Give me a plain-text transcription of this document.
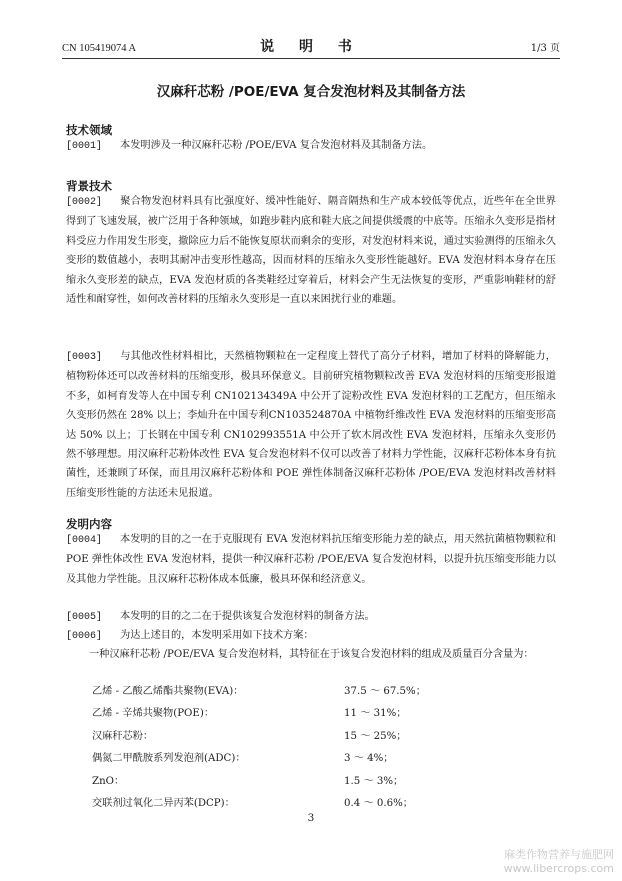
CN 105419074 A	说 明 书	1/3 页
汉麻秆芯粉 /POE/EVA 复合发泡材料及其制备方法
技术领域
[0001] 本发明涉及一种汉麻秆芯粉 /POE/EVA 复合发泡材料及其制备方法。
背景技术
[0002] 聚合物发泡材料具有比强度好、缓冲性能好、隔音隔热和生产成本较低等优点，近些年在全世界得到了飞速发展，被广泛用于各种领域，如跑步鞋内底和鞋大底之间提供缓震的中底等。压缩永久变形是指材料受应力作用发生形变，撤除应力后不能恢复原状而剩余的变形，对发泡材料来说，通过实验测得的压缩永久变形的数值越小，表明其耐冲击变形性越高，因而材料的压缩永久变形性能越好。EVA 发泡材料本身存在压缩永久变形差的缺点，EVA 发泡材质的各类鞋经过穿着后，材料会产生无法恢复的变形，严重影响鞋材的舒适性和耐穿性，如何改善材料的压缩永久变形是一直以来困扰行业的难题。
[0003] 与其他改性材料相比，天然植物颗粒在一定程度上替代了高分子材料，增加了材料的降解能力，植物粉体还可以改善材料的压缩变形，极具环保意义。目前研究植物颗粒改善 EVA 发泡材料的压缩变形报道不多，如柯育发等人在中国专利 CN102134349A 中公开了淀粉改性 EVA 发泡材料的工艺配方，但压缩永久变形仍然在 28% 以上；李灿升在中国专利CN103524870A 中植物纤维改性 EVA 发泡材料的压缩变形高达 50% 以上；丁长钢在中国专利 CN102993551A 中公开了软木屑改性 EVA 发泡材料，压缩永久变形仍然不够理想。用汉麻秆芯粉体改性 EVA 复合发泡材料不仅可以改善了材料力学性能，汉麻秆芯粉体本身有抗菌性，还兼顾了环保，而且用汉麻秆芯粉体和 POE 弹性体制备汉麻秆芯粉体 /POE/EVA 发泡材料改善材料压缩变形性能的方法还未见报道。
发明内容
[0004] 本发明的目的之一在于克服现有 EVA 发泡材料抗压缩变形能力差的缺点，用天然抗菌植物颗粒和 POE 弹性体改性 EVA 发泡材料，提供一种汉麻秆芯粉 /POE/EVA 复合发泡材料，以提升抗压缩变形能力以及其他力学性能。且汉麻秆芯粉体成本低廉，极具环保和经济意义。
[0005] 本发明的目的之二在于提供该复合发泡材料的制备方法。
[0006] 为达上述目的，本发明采用如下技术方案：
一种汉麻秆芯粉 /POE/EVA 复合发泡材料，其特征在于该复合发泡材料的组成及质量百分含量为：
乙烯 - 乙酸乙烯酯共聚物(EVA)：	37.5 ～ 67.5%；
乙烯 - 辛烯共聚物(POE)：	11 ～ 31%；
汉麻秆芯粉：	15 ～ 25%；
偶氮二甲酰胺系列发泡剂(ADC)：	3 ～ 4%；
ZnO：	1.5 ～ 3%；
交联剂过氧化二异丙苯(DCP)：	0.4 ～ 0.6%；
3
麻类作物营养与施肥网
www.libercrops.com
